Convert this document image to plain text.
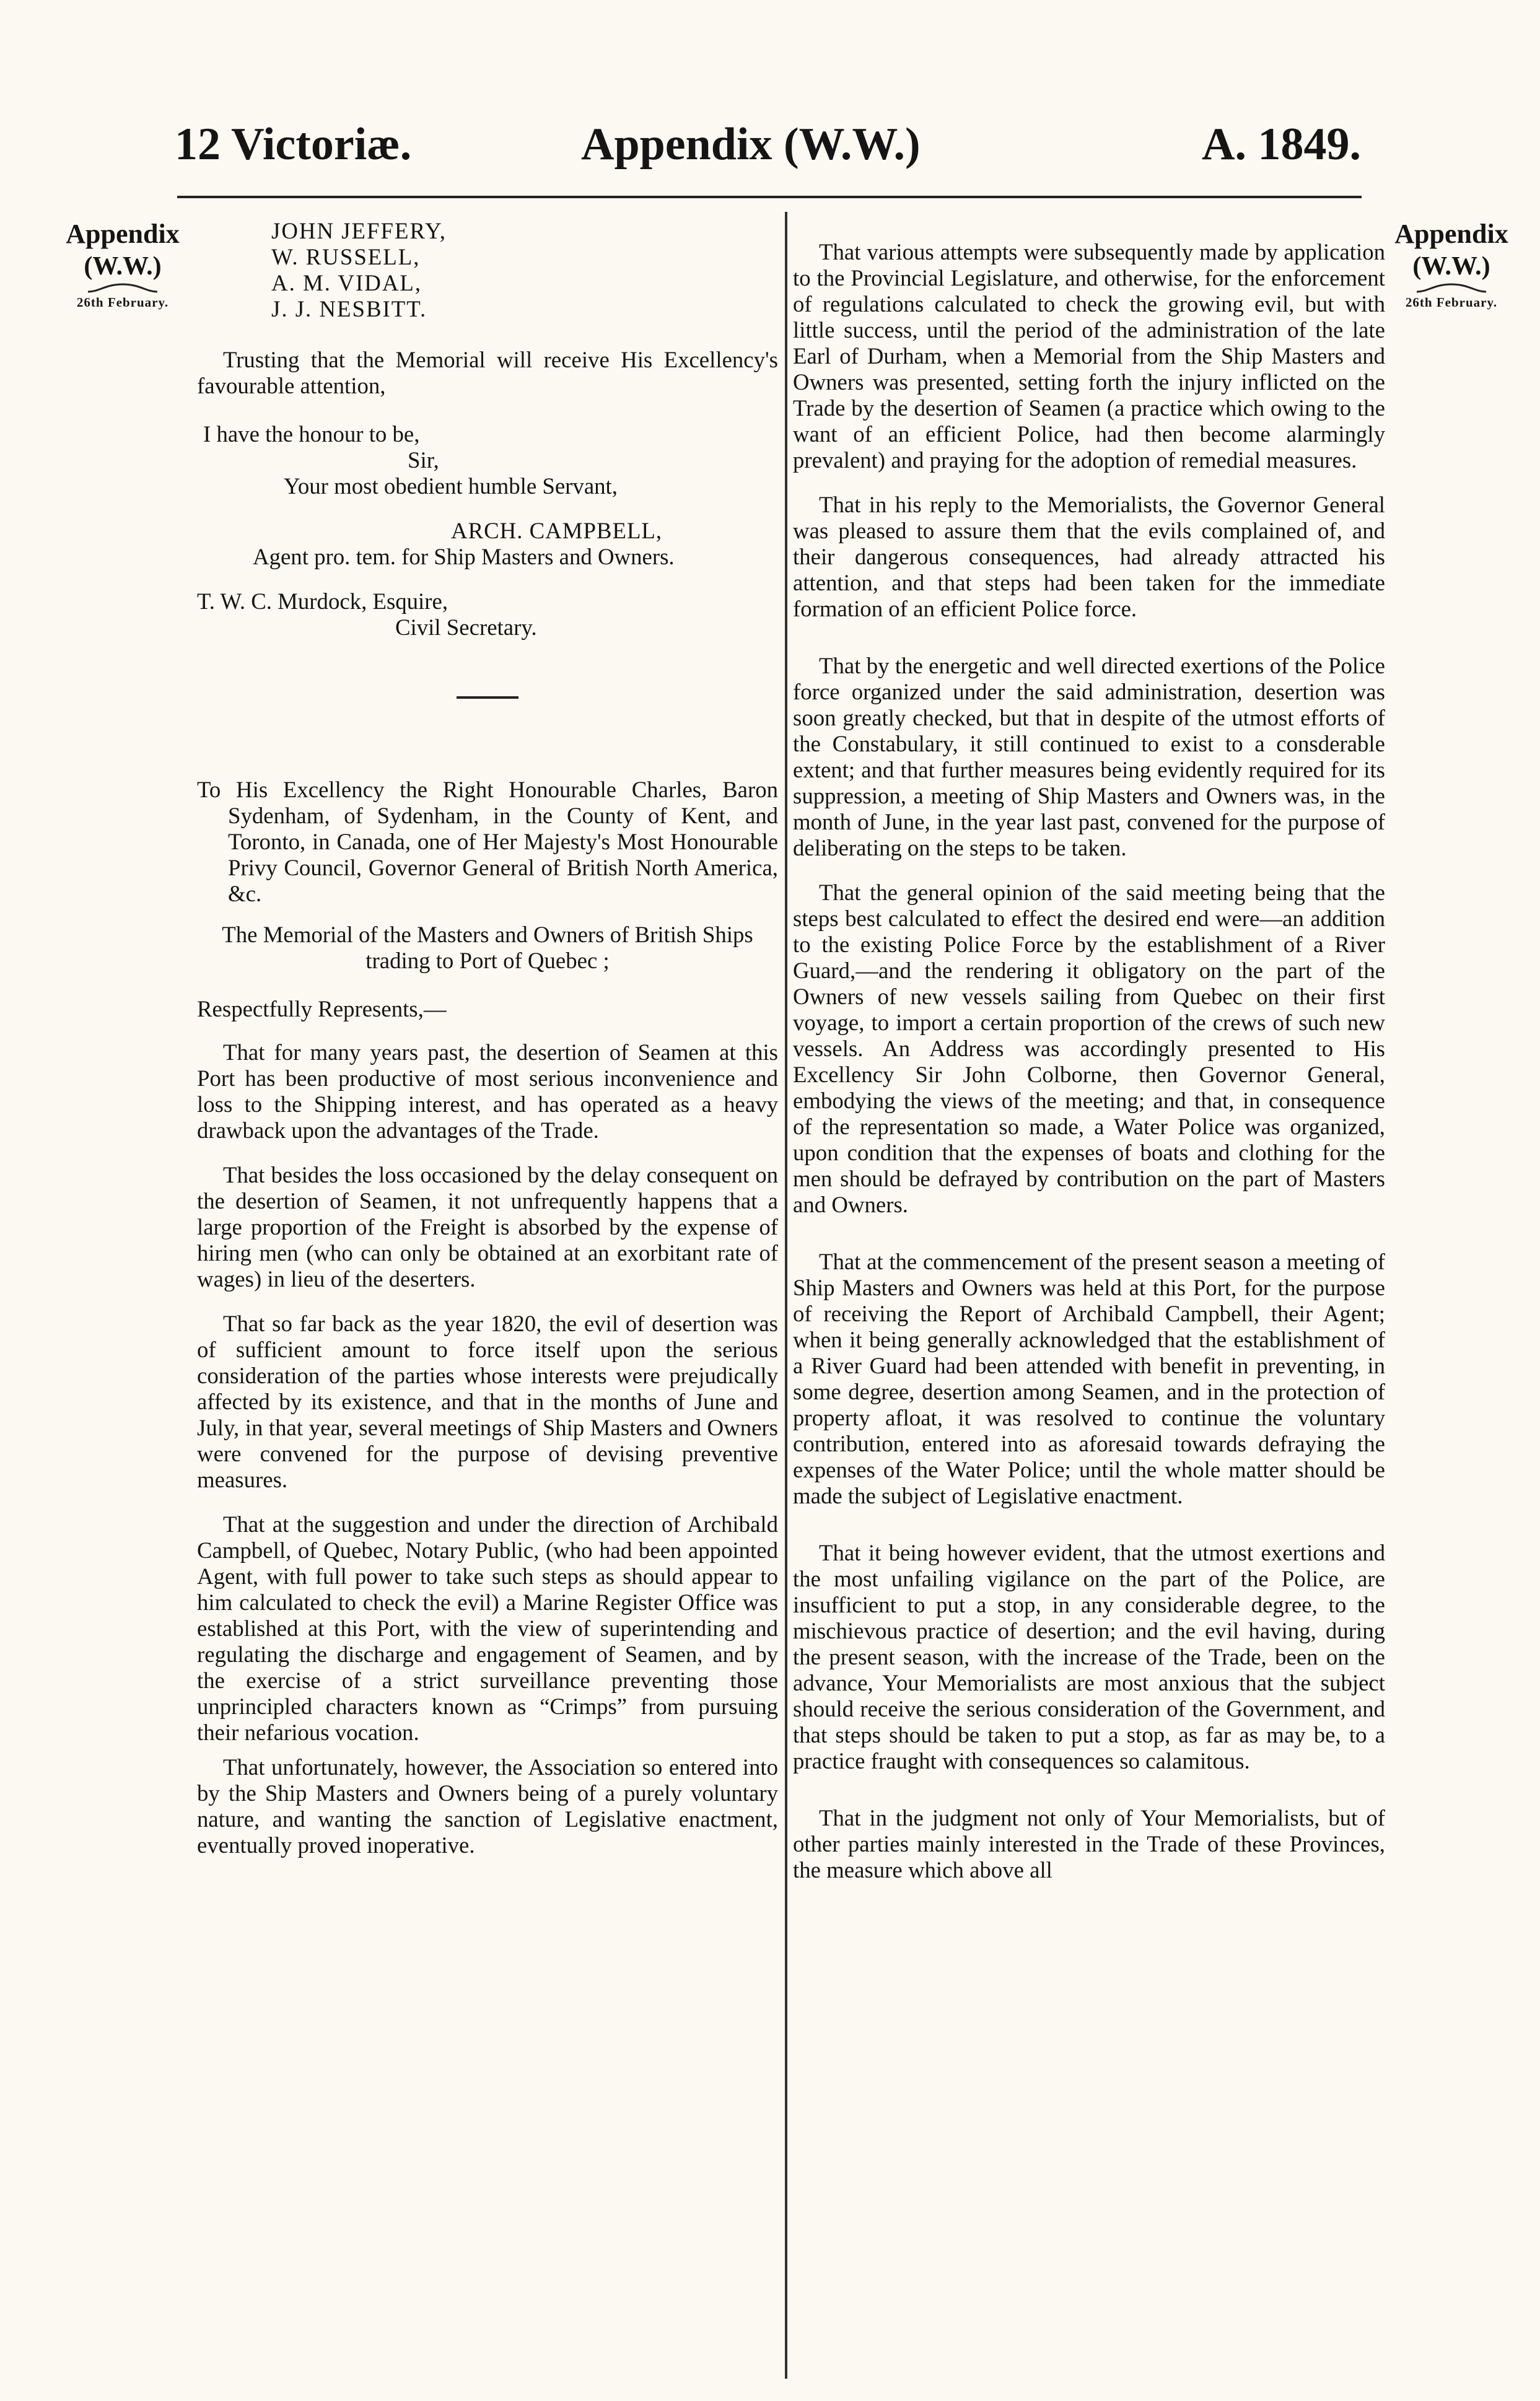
12 Victoriæ.	Appendix (W.W.)	A. 1849.
Appendix
(W.W.)
26th February.
Appendix
(W.W.)
26th February.

JOHN JEFFERY,

W. RUSSELL,

A. M. VIDAL,

J. J. NESBITT.

Trusting that the Memorial will receive His Excellency's favourable attention,

I have the honour to be,

Sir,

Your most obedient humble Servant,

ARCH. CAMPBELL,

Agent pro. tem. for Ship Masters and Owners.

T. W. C. Murdock, Esquire,

Civil Secretary.

To His Excellency the Right Honourable Charles, Baron Sydenham, of Sydenham, in the County of Kent, and Toronto, in Canada, one of Her Majesty's Most Honourable Privy Council, Governor General of British North America, &c.

The Memorial of the Masters and Owners of British Ships trading to Port of Quebec ;

Respectfully Represents,—

That for many years past, the desertion of Seamen at this Port has been productive of most serious inconvenience and loss to the Shipping interest, and has operated as a heavy drawback upon the advantages of the Trade.

That besides the loss occasioned by the delay consequent on the desertion of Seamen, it not unfrequently happens that a large proportion of the Freight is absorbed by the expense of hiring men (who can only be obtained at an exorbitant rate of wages) in lieu of the deserters.

That so far back as the year 1820, the evil of desertion was of sufficient amount to force itself upon the serious consideration of the parties whose interests were prejudically affected by its existence, and that in the months of June and July, in that year, several meetings of Ship Masters and Owners were convened for the purpose of devising preventive measures.

That at the suggestion and under the direction of Archibald Campbell, of Quebec, Notary Public, (who had been appointed Agent, with full power to take such steps as should appear to him calculated to check the evil) a Marine Register Office was established at this Port, with the view of superintending and regulating the discharge and engagement of Seamen, and by the exercise of a strict surveillance preventing those unprincipled characters known as “Crimps” from pursuing their nefarious vocation.

That unfortunately, however, the Association so entered into by the Ship Masters and Owners being of a purely voluntary nature, and wanting the sanction of Legislative enactment, eventually proved inoperative.

That various attempts were subsequently made by application to the Provincial Legislature, and otherwise, for the enforcement of regulations calculated to check the growing evil, but with little success, until the period of the administration of the late Earl of Durham, when a Memorial from the Ship Masters and Owners was presented, setting forth the injury inflicted on the Trade by the desertion of Seamen (a practice which owing to the want of an efficient Police, had then become alarmingly prevalent) and praying for the adoption of remedial measures.

That in his reply to the Memorialists, the Governor General was pleased to assure them that the evils complained of, and their dangerous consequences, had already attracted his attention, and that steps had been taken for the immediate formation of an efficient Police force.

That by the energetic and well directed exertions of the Police force organized under the said administration, desertion was soon greatly checked, but that in despite of the utmost efforts of the Constabulary, it still continued to exist to a consderable extent; and that further measures being evidently required for its suppression, a meeting of Ship Masters and Owners was, in the month of June, in the year last past, convened for the purpose of deliberating on the steps to be taken.

That the general opinion of the said meeting being that the steps best calculated to effect the desired end were—an addition to the existing Police Force by the establishment of a River Guard,—and the rendering it obligatory on the part of the Owners of new vessels sailing from Quebec on their first voyage, to import a certain proportion of the crews of such new vessels. An Address was accordingly presented to His Excellency Sir John Colborne, then Governor General, embodying the views of the meeting; and that, in consequence of the representation so made, a Water Police was organized, upon condition that the expenses of boats and clothing for the men should be defrayed by contribution on the part of Masters and Owners.

That at the commencement of the present season a meeting of Ship Masters and Owners was held at this Port, for the purpose of receiving the Report of Archibald Campbell, their Agent; when it being generally acknowledged that the establishment of a River Guard had been attended with benefit in preventing, in some degree, desertion among Seamen, and in the protection of property afloat, it was resolved to continue the voluntary contribution, entered into as aforesaid towards defraying the expenses of the Water Police; until the whole matter should be made the subject of Legislative enactment.

That it being however evident, that the utmost exertions and the most unfailing vigilance on the part of the Police, are insufficient to put a stop, in any considerable degree, to the mischievous practice of desertion; and the evil having, during the present season, with the increase of the Trade, been on the advance, Your Memorialists are most anxious that the subject should receive the serious consideration of the Government, and that steps should be taken to put a stop, as far as may be, to a practice fraught with consequences so calamitous.

That in the judgment not only of Your Memorialists, but of other parties mainly interested in the Trade of these Provinces, the measure which above all
